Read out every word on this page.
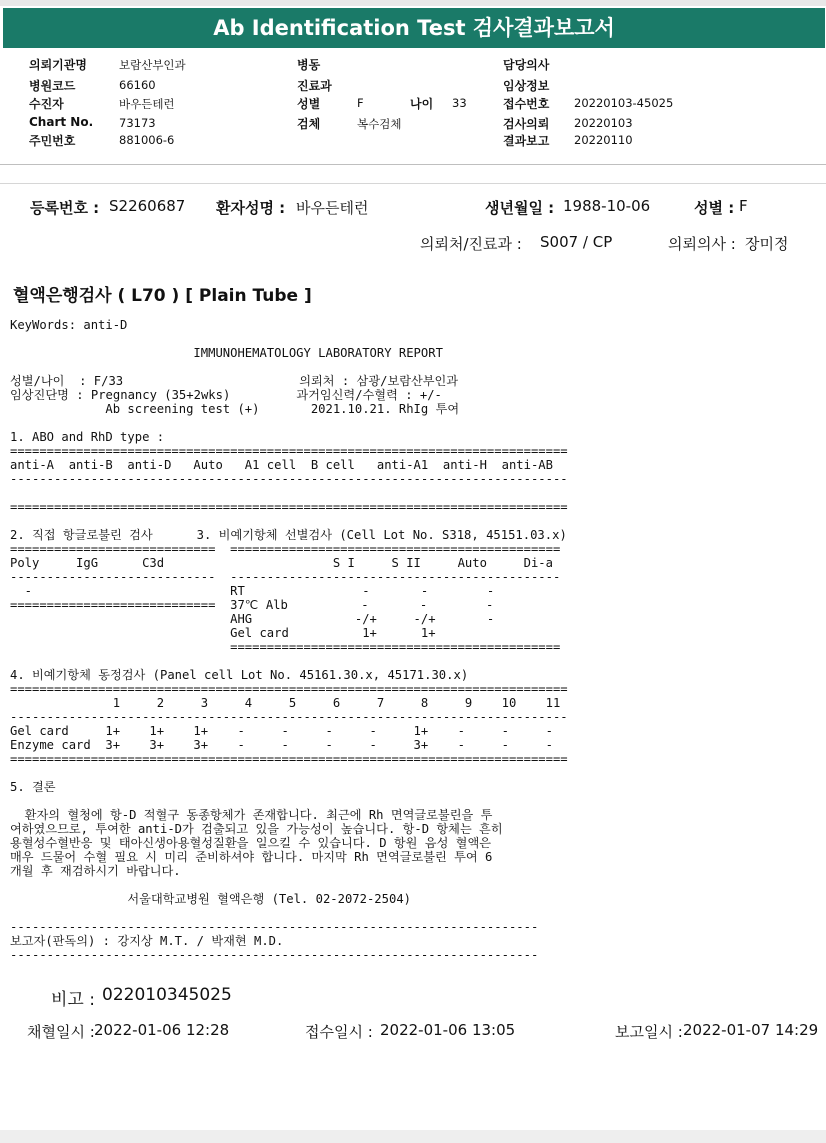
Ab Identification Test 검사결과보고서
의뢰기관명	보람산부인과
병원코드	66160
수진자	바우든테런
Chart No. 73173
주민번호	881006-6
병동
진료과
성별	F	나이 33
검체	복수검체
담당의사
임상정보
접수번호 20220103-45025
검사의뢰 20220103
결과보고 20220110
등록번호 : S2260687 환자성명 : 바우든테런	생년월일 : 1988-10-06	성별 : F
의뢰처/진료과 : S007 / CP	의뢰의사 : 장미정
혈액은행검사 ( L70 ) [ Plain Tube ]
KeyWords: anti-D

IMMUNOHEMATOLOGY LABORATORY REPORT

성별/나이  : F/33                        의뢰처 : 삼광/보람산부인과
임상진단명 : Pregnancy (35+2wks)         과거임신력/수혈력 : +/-
Ab screening test (+)       2021.10.21. RhIg 투여

1. ABO and RhD type :
============================================================================
anti-A  anti-B  anti-D   Auto   A1 cell  B cell   anti-A1  anti-H  anti-AB
----------------------------------------------------------------------------

============================================================================

2. 직접 항글로불린 검사      3. 비예기항체 선별검사 (Cell Lot No. S318, 45151.03.x)
============================  =============================================
Poly     IgG      C3d                       S I     S II     Auto     Di-a
----------------------------  ---------------------------------------------
-                           RT                -       -        -
============================  37℃ Alb          -       -        -
AHG              -/+     -/+       -
Gel card          1+      1+
=============================================

4. 비예기항체 동정검사 (Panel cell Lot No. 45161.30.x, 45171.30.x)
============================================================================
1     2     3     4     5     6     7     8     9    10    11
----------------------------------------------------------------------------
Gel card     1+    1+    1+    -     -     -     -     1+    -     -     -
Enzyme card  3+    3+    3+    -     -     -     -     3+    -     -     -
============================================================================

5. 결론

환자의 혈청에 항-D 적혈구 동종항체가 존재합니다. 최근에 Rh 면역글로불린을 투
여하였으므로, 투여한 anti-D가 검출되고 있을 가능성이 높습니다. 항-D 항체는 흔히
용혈성수혈반응 및 태아신생아용혈성질환을 일으킬 수 있습니다. D 항원 음성 혈액은
매우 드물어 수혈 필요 시 미리 준비하셔야 합니다. 마지막 Rh 면역글로불린 투여 6
개월 후 재검하시기 바랍니다.

서울대학교병원 혈액은행 (Tel. 02-2072-2504)

------------------------------------------------------------------------
보고자(판독의) : 강지상 M.T. / 박재현 M.D.
------------------------------------------------------------------------
비고 : 022010345025
채혈일시 : 2022-01-06 12:28	접수일시 : 2022-01-06 13:05	보고일시 : 2022-01-07 14:29
